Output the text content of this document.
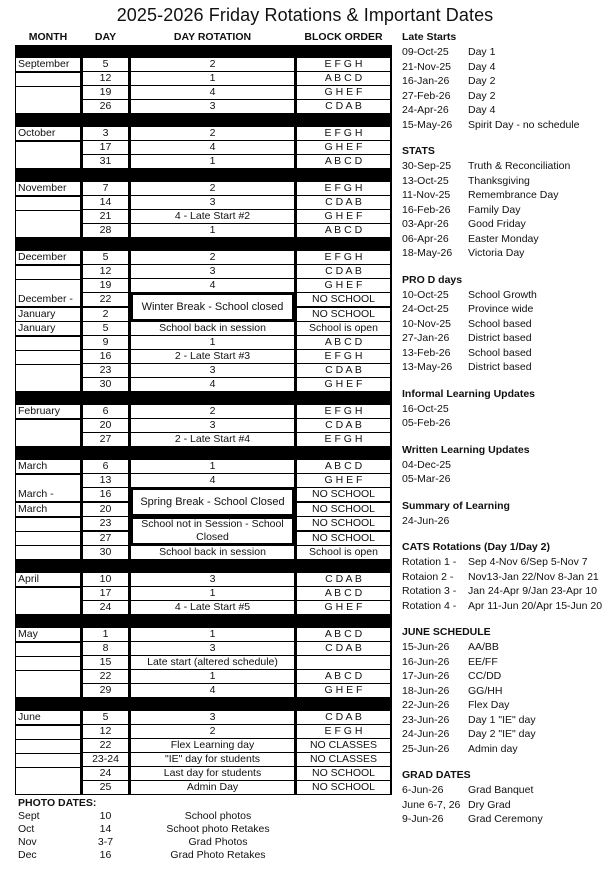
2025-2026 Friday Rotations & Important Dates
MONTH	DAY	DAY ROTATION	BLOCK ORDER

September	5	2	E F G H

	12	1	A B C D

	19	4	G H E F

	26	3	C D A B

October	3	2	E F G H

	17	4	G H E F

	31	1	A B C D

November	7	2	E F G H

	14	3	C D A B

	21	4 - Late Start #2	G H E F

	28	1	A B C D

December	5	2	E F G H

	12	3	C D A B

	19	4	G H E F

December -	22	Winter Break - School closed	NO SCHOOL

January	2		NO SCHOOL

January	5	School back in session	School is open

	9	1	A B C D

	16	2 - Late Start #3	E F G H

	23	3	C D A B

	30	4	G H E F

February	6	2	E F G H

	20	3	C D A B

	27	2 - Late Start #4	E F G H

March	6	1	A B C D

	13	4	G H E F

March -	16	Spring Break - School Closed	NO SCHOOL

March	20		NO SCHOOL

	23	School not in Session - School Closed	NO SCHOOL

	27		NO SCHOOL

	30	School back in session	School is open

April	10	3	C D A B

	17	1	A B C D

	24	4 - Late Start #5	G H E F

May	1	1	A B C D

	8	3	C D A B

	15	Late start (altered schedule)	

	22	1	A B C D

	29	4	G H E F

June	5	3	C D A B

	12	2	E F G H

	22	Flex Learning day	NO CLASSES

	23-24	"IE" day for students	NO CLASSES

	24	Last day for students	NO SCHOOL

	25	Admin Day	NO SCHOOL
PHOTO DATES:
Sept	10	School photos
Oct	14	Schoot photo Retakes
Nov	3-7	Grad Photos
Dec	16	Grad Photo Retakes
Late Starts
09-Oct-25	Day 1
21-Nov-25	Day 4
16-Jan-26	Day 2
27-Feb-26	Day 2
24-Apr-26	Day 4
15-May-26	Spirit Day - no schedule
STATS
30-Sep-25	Truth & Reconciliation
13-Oct-25	Thanksgiving
11-Nov-25	Remembrance Day
16-Feb-26	Family Day
03-Apr-26	Good Friday
06-Apr-26	Easter Monday
18-May-26	Victoria Day
PRO D days
10-Oct-25	School Growth
24-Oct-25	Province wide
10-Nov-25	School based
27-Jan-26	District based
13-Feb-26	School based
13-May-26	District based
Informal Learning Updates
16-Oct-25
05-Feb-26
Written Learning Updates
04-Dec-25
05-Mar-26
Summary of Learning
24-Jun-26
CATS Rotations (Day 1/Day 2)
Rotation 1 -	Sep 4-Nov 6/Sep 5-Nov 7
Rotaion 2 -	Nov13-Jan 22/Nov 8-Jan 21
Rotation 3 -	Jan 24-Apr 9/Jan 23-Apr 10
Rotation 4 -	Apr 11-Jun 20/Apr 15-Jun 20
JUNE SCHEDULE
15-Jun-26	AA/BB
16-Jun-26	EE/FF
17-Jun-26	CC/DD
18-Jun-26	GG/HH
22-Jun-26	Flex Day
23-Jun-26	Day 1 "IE" day
24-Jun-26	Day 2 "IE" day
25-Jun-26	Admin day
GRAD DATES
6-Jun-26	Grad Banquet
June 6-7, 26 Dry Grad
9-Jun-26	Grad Ceremony
